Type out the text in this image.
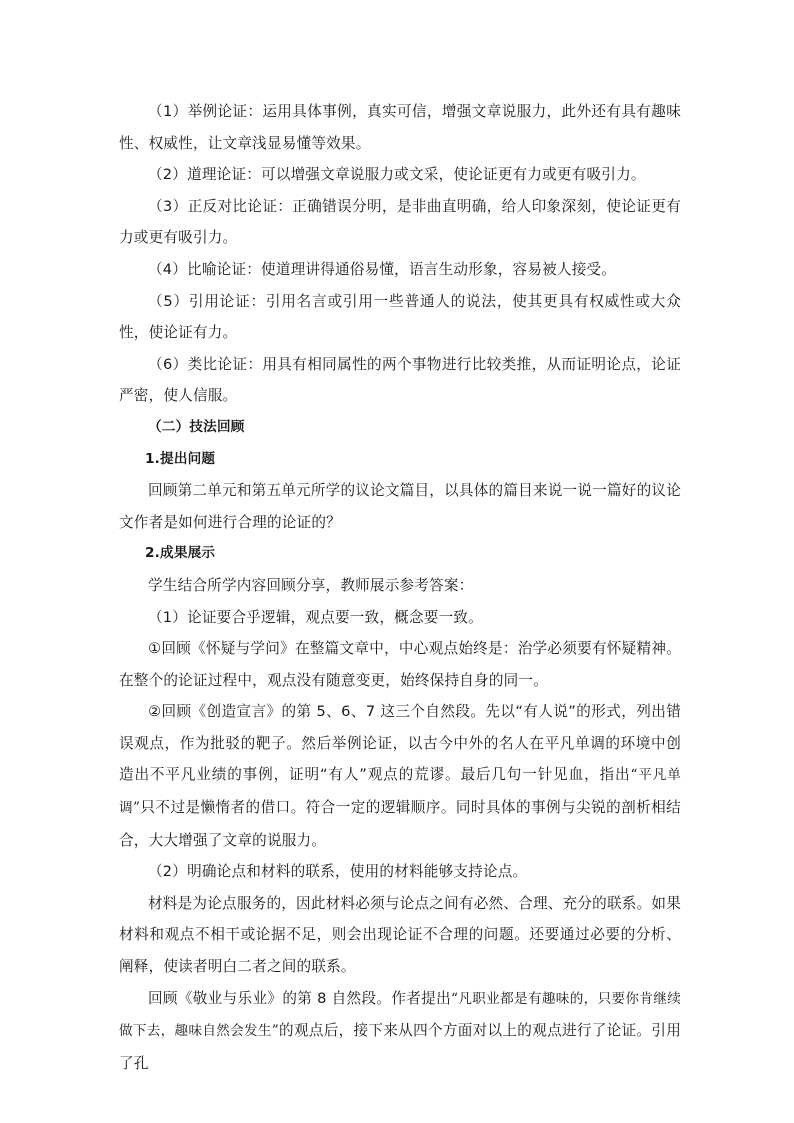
（1）举例论证：运用具体事例，真实可信，增强文章说服力，此外还有具有趣味性、权威性，让文章浅显易懂等效果。

（2）道理论证：可以增强文章说服力或文采，使论证更有力或更有吸引力。

（3）正反对比论证：正确错误分明，是非曲直明确，给人印象深刻，使论证更有力或更有吸引力。

（4）比喻论证：使道理讲得通俗易懂，语言生动形象，容易被人接受。

（5）引用论证：引用名言或引用一些普通人的说法，使其更具有权威性或大众性，使论证有力。

（6）类比论证：用具有相同属性的两个事物进行比较类推，从而证明论点，论证严密，使人信服。

（二）技法回顾

1.提出问题

回顾第二单元和第五单元所学的议论文篇目，以具体的篇目来说一说一篇好的议论文作者是如何进行合理的论证的？

2.成果展示

学生结合所学内容回顾分享，教师展示参考答案：

（1）论证要合乎逻辑，观点要一致，概念要一致。

①回顾《怀疑与学问》在整篇文章中，中心观点始终是：治学必须要有怀疑精神。在整个的论证过程中，观点没有随意变更，始终保持自身的同一。

②回顾《创造宣言》的第 5、6、7 这三个自然段。先以“有人说”的形式，列出错误观点，作为批驳的靶子。然后举例论证，以古今中外的名人在平凡单调的环境中创造出不平凡业绩的事例，证明“有人”观点的荒谬。最后几句一针见血，指出“平凡单调”只不过是懒惰者的借口。符合一定的逻辑顺序。同时具体的事例与尖锐的剖析相结合，大大增强了文章的说服力。

（2）明确论点和材料的联系，使用的材料能够支持论点。

材料是为论点服务的，因此材料必须与论点之间有必然、合理、充分的联系。如果材料和观点不相干或论据不足，则会出现论证不合理的问题。还要通过必要的分析、阐释，使读者明白二者之间的联系。

回顾《敬业与乐业》的第 8 自然段。作者提出“凡职业都是有趣味的，只要你肯继续做下去，趣味自然会发生”的观点后，接下来从四个方面对以上的观点进行了论证。引用了孔
